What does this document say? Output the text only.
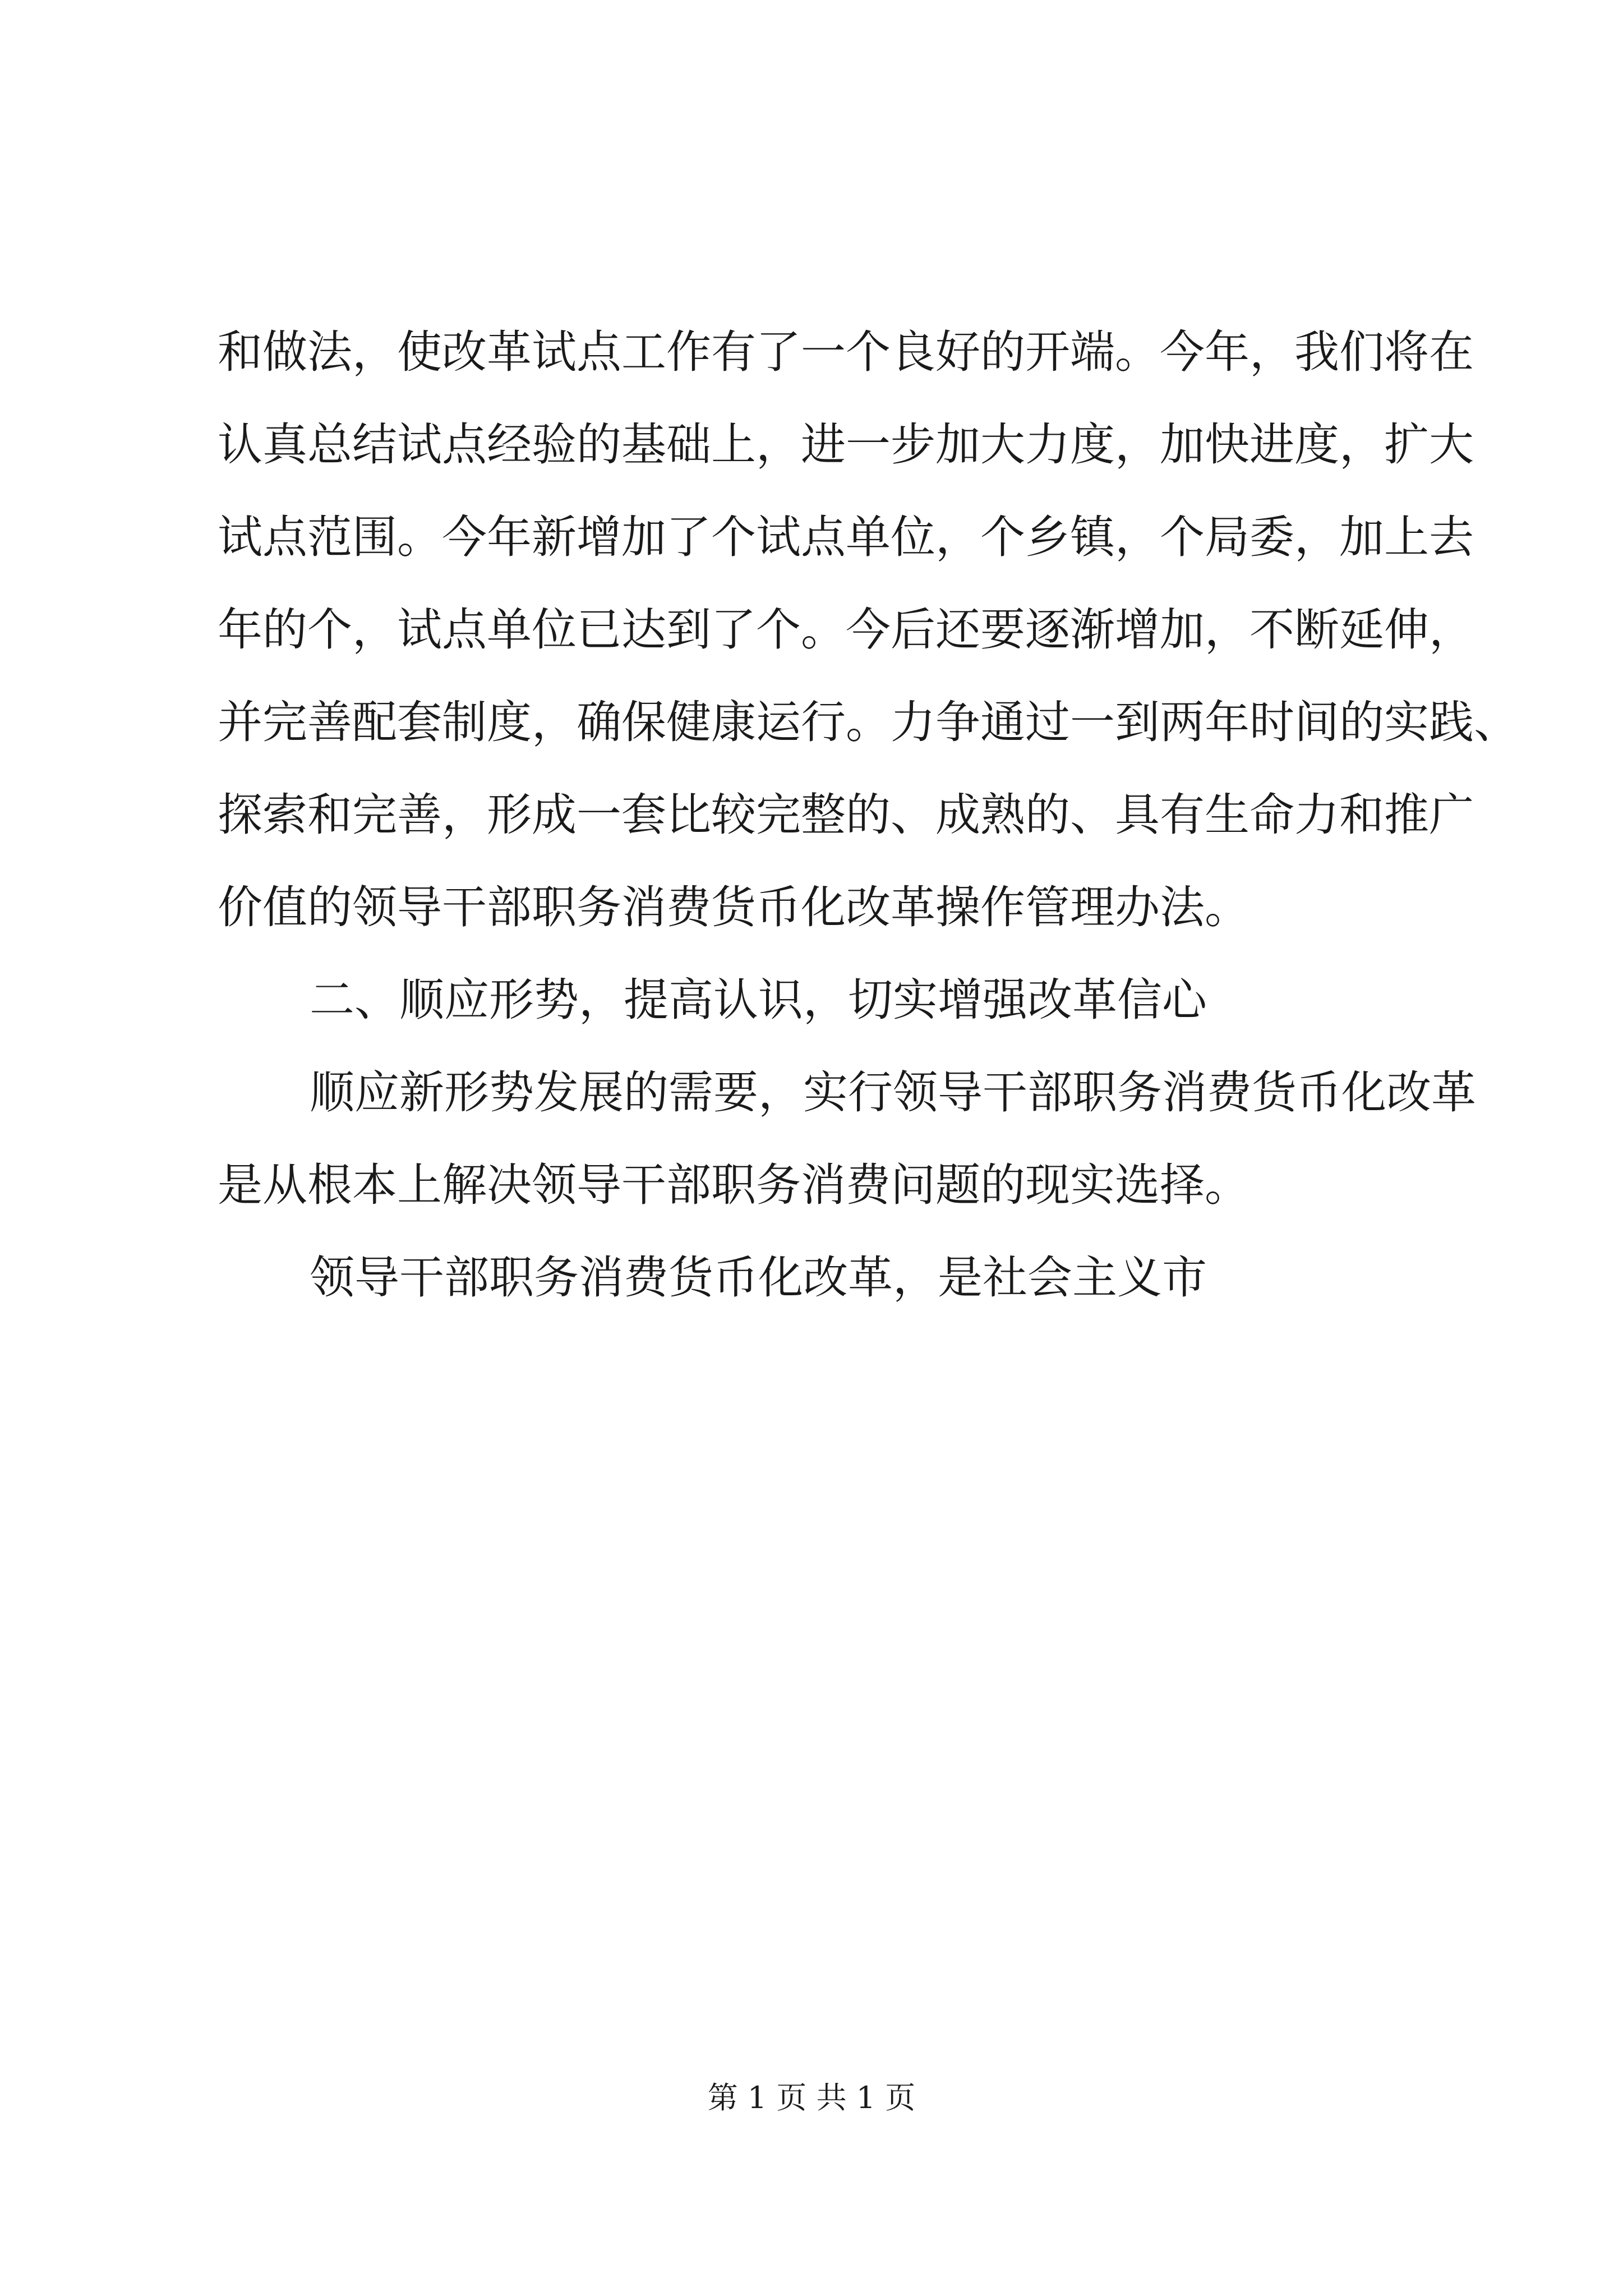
和做法，使改革试点工作有了一个良好的开端。今年，我们将在
认真总结试点经验的基础上，进一步加大力度，加快进度，扩大
试点范围。今年新增加了个试点单位，个乡镇，个局委，加上去
年的个，试点单位已达到了个。今后还要逐渐增加，不断延伸，
并完善配套制度，确保健康运行。力争通过一到两年时间的实践、
探索和完善，形成一套比较完整的、成熟的、具有生命力和推广
价值的领导干部职务消费货币化改革操作管理办法。
二、顺应形势，提高认识，切实增强改革信心
顺应新形势发展的需要，实行领导干部职务消费货币化改革
是从根本上解决领导干部职务消费问题的现实选择。
领导干部职务消费货币化改革，是社会主义市
第 1 页 共 1 页
